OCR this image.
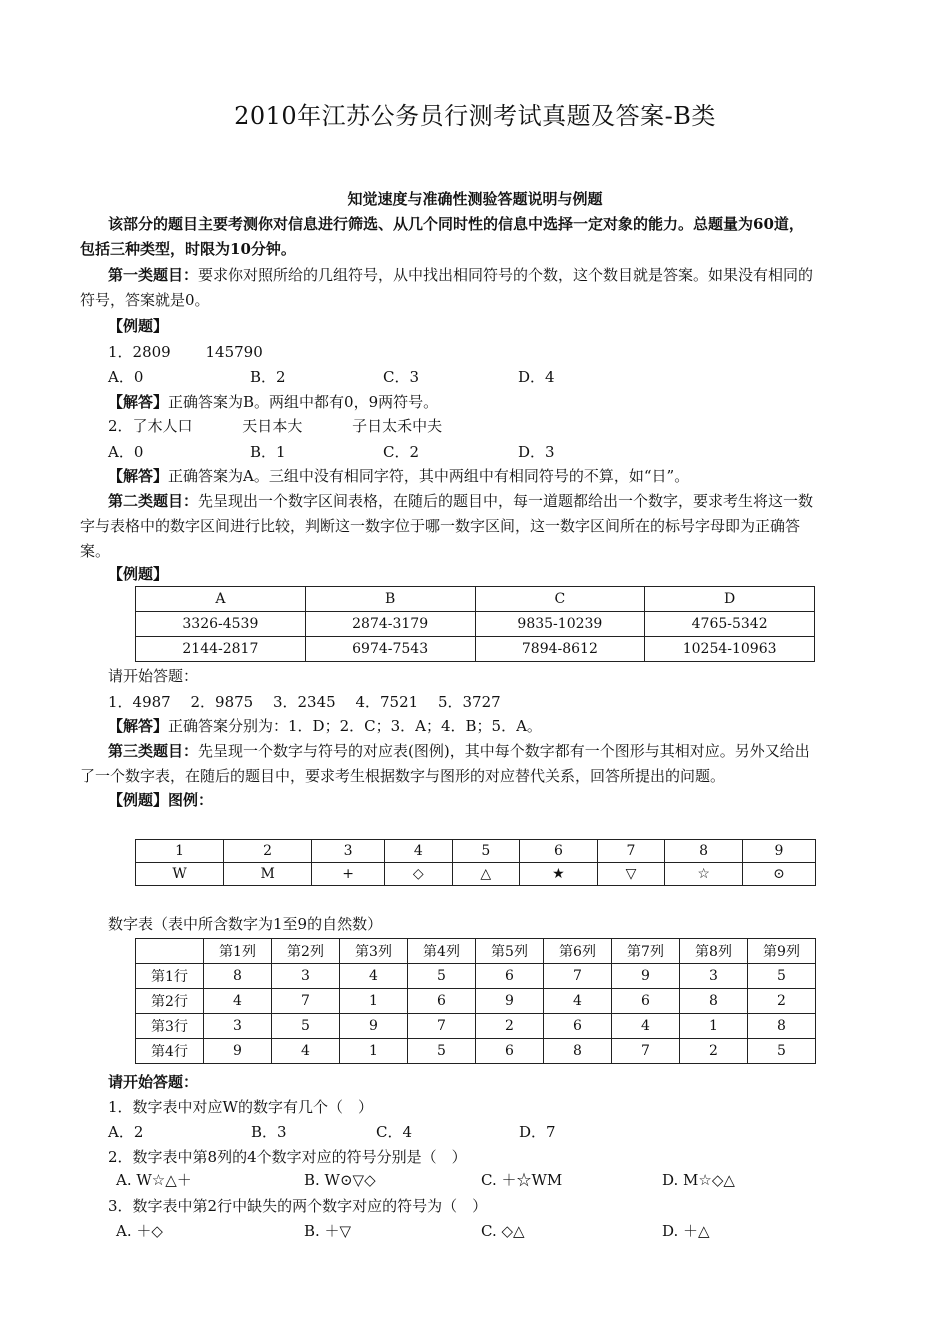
2010年江苏公务员行测考试真题及答案-B类
知觉速度与准确性测验答题说明与例题
该部分的题目主要考测你对信息进行筛选、从几个同时性的信息中选择一定对象的能力。总题量为60道，
包括三种类型，时限为10分钟。
第一类题目：要求你对照所给的几组符号，从中找出相同符号的个数，这个数目就是答案。如果没有相同的
符号，答案就是0。
【例题】
1．2809　　 145790
A．0	B．2	C．3	D．4
【解答】正确答案为B。两组中都有0，9两符号。
2．了木人口　　　 天日本大　　　 子日太禾中夫
A．0	B．1	C．2	D．3
【解答】正确答案为A。三组中没有相同字符，其中两组中有相同符号的不算，如“日”。
第二类题目：先呈现出一个数字区间表格，在随后的题目中，每一道题都给出一个数字，要求考生将这一数
字与表格中的数字区间进行比较，判断这一数字位于哪一数字区间，这一数字区间所在的标号字母即为正确答
案。
【例题】
A	B	C	D
3326-4539	2874-3179	9835-10239	4765-5342
2144-2817	6974-7543	7894-8612	10254-10963
请开始答题：
1．4987　 2．9875　 3．2345　 4．7521　 5．3727
【解答】正确答案分别为：1．D；2．C；3．A；4．B；5．A。
第三类题目：先呈现一个数字与符号的对应表(图例)，其中每个数字都有一个图形与其相对应。另外又给出
了一个数字表，在随后的题目中，要求考生根据数字与图形的对应替代关系，回答所提出的问题。
【例题】图例：
1	2	3	4	5	6	7	8	9
W	M	+	◇	△	★	▽	☆	⊙
数字表（表中所含数字为1至9的自然数）
	第1列	第2列	第3列	第4列	第5列	第6列	第7列	第8列	第9列
第1行	8	3	4	5	6	7	9	3	5
第2行	4	7	1	6	9	4	6	8	2
第3行	3	5	9	7	2	6	4	1	8
第4行	9	4	1	5	6	8	7	2	5
请开始答题：
1．数字表中对应W的数字有几个（　）
A．2	B．3	C．4	D．7
2．数字表中第8列的4个数字对应的符号分别是（　）
A. W☆△＋	B. W⊙▽◇	C. ＋☆WM	D. M☆◇△
3．数字表中第2行中缺失的两个数字对应的符号为（　）
A. ＋◇	B. ＋▽	C. ◇△	D. ＋△
